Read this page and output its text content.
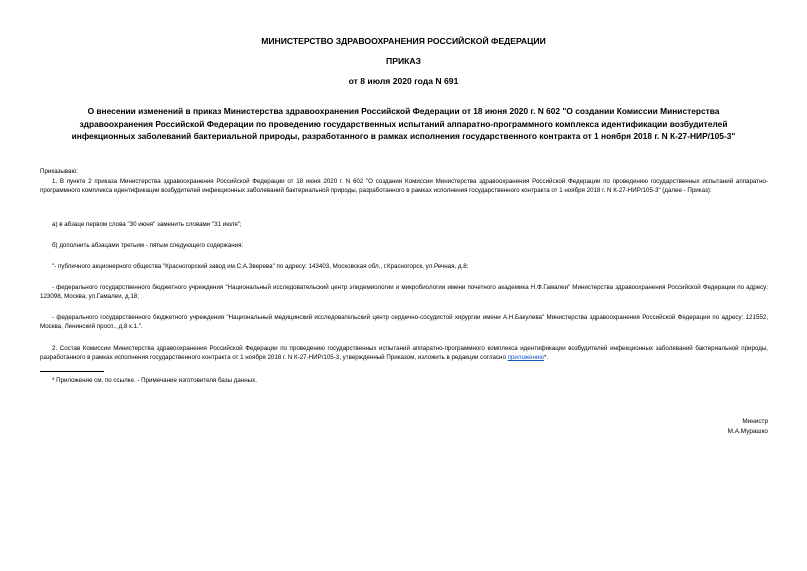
МИНИСТЕРСТВО ЗДРАВООХРАНЕНИЯ РОССИЙСКОЙ ФЕДЕРАЦИИ
ПРИКАЗ
от 8 июля 2020 года N 691
О внесении изменений в приказ Министерства здравоохранения Российской Федерации от 18 июня 2020 г. N 602 "О создании Комиссии Министерства здравоохранения Российской Федерации по проведению государственных испытаний аппаратно-программного комплекса идентификации возбудителей инфекционных заболеваний бактериальной природы, разработанного в рамках исполнения государственного контракта от 1 ноября 2018 г. N К-27-НИР/105-3"
Приказываю:
1. В пункте 2 приказа Министерства здравоохранения Российской Федерации от 18 июня 2020 г. N 602 "О создании Комиссии Министерства здравоохранения Российской Федерации по проведению государственных испытаний аппаратно-программного комплекса идентификации возбудителей инфекционных заболеваний бактериальной природы, разработанного в рамках исполнения государственного контракта от 1 ноября 2018 г. N К-27-НИР/105-3" (далее - Приказ):
а) в абзаце первом слова "30 июня" заменить словами "31 июля";
б) дополнить абзацами третьим - пятым следующего содержания:
"- публичного акционерного общества "Красногорский завод им.С.А.Зверева" по адресу: 143403, Московская обл., г.Красногорск, ул.Речная, д.8;
- федерального государственного бюджетного учреждения "Национальный исследовательский центр эпидемиологии и микробиологии имени почетного академика Н.Ф.Гамалеи" Министерства здравоохранения Российской Федерации по адресу: 123098, Москва, ул.Гамалеи, д.18;
- федерального государственного бюджетного учреждения "Национальный медицинский исследовательский центр сердечно-сосудистой хирургии имени А.Н.Бакулева" Министерства здравоохранения Российской Федерации по адресу: 121552, Москва, Ленинский просп., д.8 к.1.".
2. Состав Комиссии Министерства здравоохранения Российской Федерации по проведению государственных испытаний аппаратно-программного комплекса идентификации возбудителей инфекционных заболеваний бактериальной природы, разработанного в рамках исполнения государственного контракта от 1 ноября 2018 г. N К-27-НИР/105-3, утвержденный Приказом, изложить в редакции согласно приложению*.
* Приложение см. по ссылке. - Примечание изготовителя базы данных.
Министр
М.А.Мурашко
